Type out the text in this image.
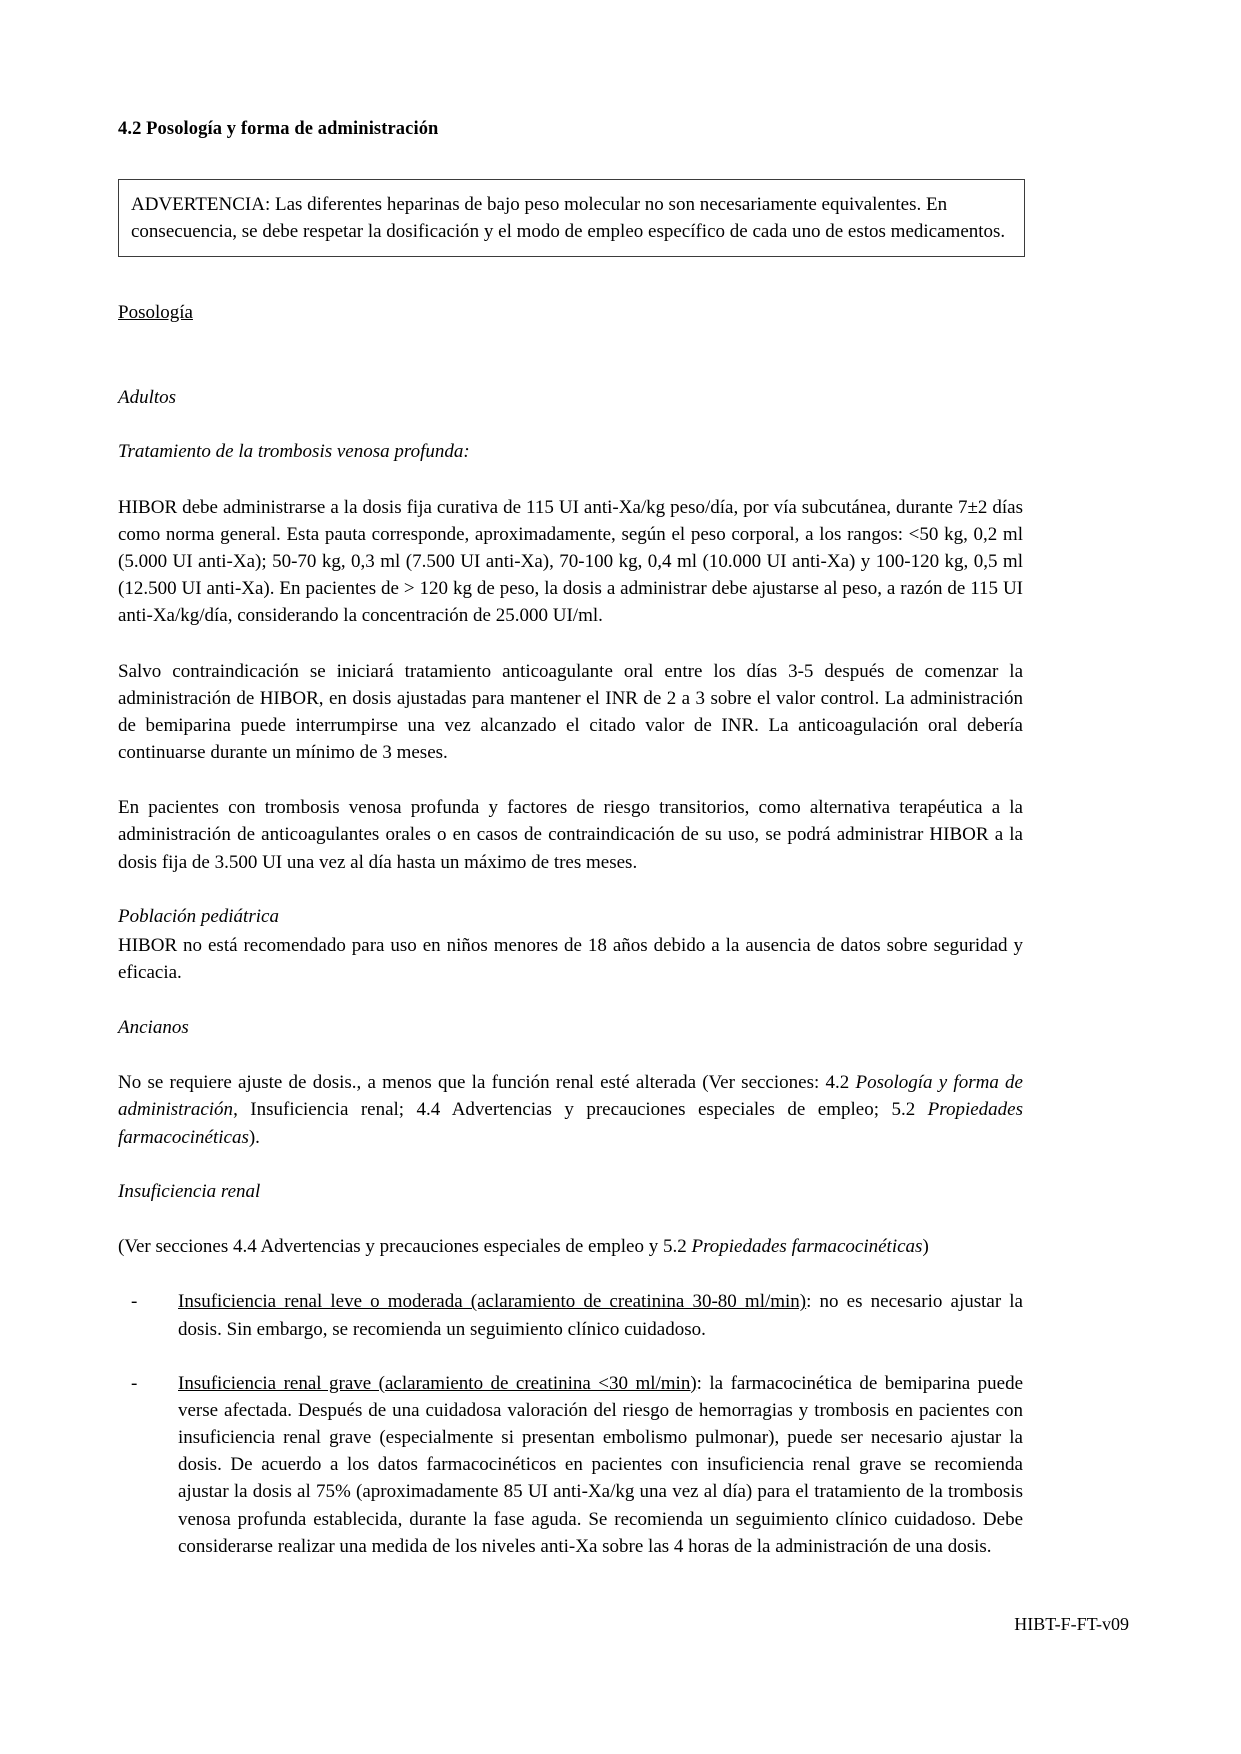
4.2 Posología y forma de administración

ADVERTENCIA: Las diferentes heparinas de bajo peso molecular no son necesariamente equivalentes. En consecuencia, se debe respetar la dosificación y el modo de empleo específico de cada uno de estos medicamentos.

Posología

Adultos

Tratamiento de la trombosis venosa profunda:

HIBOR debe administrarse a la dosis fija curativa de 115 UI anti-Xa/kg peso/día, por vía subcutánea, durante 7±2 días como norma general. Esta pauta corresponde, aproximadamente, según el peso corporal, a los rangos: <50 kg, 0,2 ml (5.000 UI anti-Xa); 50-70 kg, 0,3 ml (7.500 UI anti-Xa), 70-100 kg, 0,4 ml (10.000 UI anti-Xa) y 100-120 kg, 0,5 ml (12.500 UI anti-Xa). En pacientes de > 120 kg de peso, la dosis a administrar debe ajustarse al peso, a razón de 115 UI anti-Xa/kg/día, considerando la concentración de 25.000 UI/ml.

Salvo contraindicación se iniciará tratamiento anticoagulante oral entre los días 3-5 después de comenzar la administración de HIBOR, en dosis ajustadas para mantener el INR de 2 a 3 sobre el valor control. La administración de bemiparina puede interrumpirse una vez alcanzado el citado valor de INR. La anticoagulación oral debería continuarse durante un mínimo de 3 meses.

En pacientes con trombosis venosa profunda y factores de riesgo transitorios, como alternativa terapéutica a la administración de anticoagulantes orales o en casos de contraindicación de su uso, se podrá administrar HIBOR a la dosis fija de 3.500 UI una vez al día hasta un máximo de tres meses.

Población pediátrica

HIBOR no está recomendado para uso en niños menores de 18 años debido a la ausencia de datos sobre seguridad y eficacia.

Ancianos

No se requiere ajuste de dosis., a menos que la función renal esté alterada (Ver secciones: 4.2 Posología y forma de administración, Insuficiencia renal; 4.4 Advertencias y precauciones especiales de empleo; 5.2 Propiedades farmacocinéticas).

Insuficiencia renal

(Ver secciones 4.4 Advertencias y precauciones especiales de empleo y 5.2 Propiedades farmacocinéticas)

- Insuficiencia renal leve o moderada (aclaramiento de creatinina 30-80 ml/min): no es necesario ajustar la dosis. Sin embargo, se recomienda un seguimiento clínico cuidadoso.
- Insuficiencia renal grave (aclaramiento de creatinina <30 ml/min): la farmacocinética de bemiparina puede verse afectada. Después de una cuidadosa valoración del riesgo de hemorragias y trombosis en pacientes con insuficiencia renal grave (especialmente si presentan embolismo pulmonar), puede ser necesario ajustar la dosis. De acuerdo a los datos farmacocinéticos en pacientes con insuficiencia renal grave se recomienda ajustar la dosis al 75% (aproximadamente 85 UI anti-Xa/kg una vez al día) para el tratamiento de la trombosis venosa profunda establecida, durante la fase aguda. Se recomienda un seguimiento clínico cuidadoso. Debe considerarse realizar una medida de los niveles anti-Xa sobre las 4 horas de la administración de una dosis.
HIBT-F-FT-v09
